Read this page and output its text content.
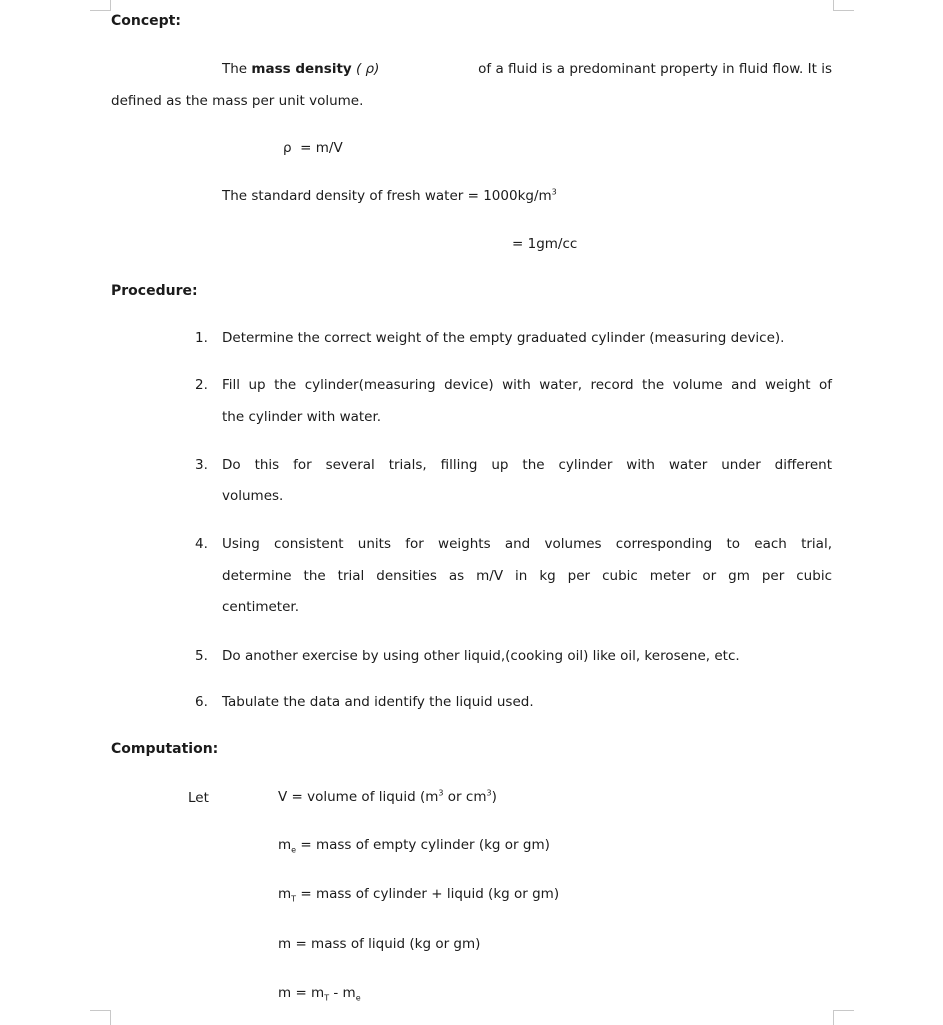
Concept:
The mass density ( ρ)	of a fluid is a predominant property in fluid flow. It is
defined as the mass per unit volume.
ρ  = m/V
The standard density of fresh water = $1000kg/m^3$
= 1gm/cc
Procedure:
1.	Determine the correct weight of the empty graduated cylinder (measuring device).
2.	Fill up the cylinder(measuring device) with water, record the volume and weight of
the cylinder with water.
3.	Do this for several trials, filling up the cylinder with water under different
volumes.
4.	Using consistent units for weights and volumes corresponding to each trial,
determine the trial densities as m/V in kg per cubic meter or gm per cubic
centimeter.
5.	Do another exercise by using other liquid,(cooking oil) like oil, kerosene, etc.
6.	Tabulate the data and identify the liquid used.
Computation:
Let	V = volume of liquid ($m^3$ or $cm^3$)
$m_e$ = mass of empty cylinder (kg or gm)
$m_T$ = mass of cylinder + liquid (kg or gm)
m = mass of liquid (kg or gm)
$m = m_T - m_e$
